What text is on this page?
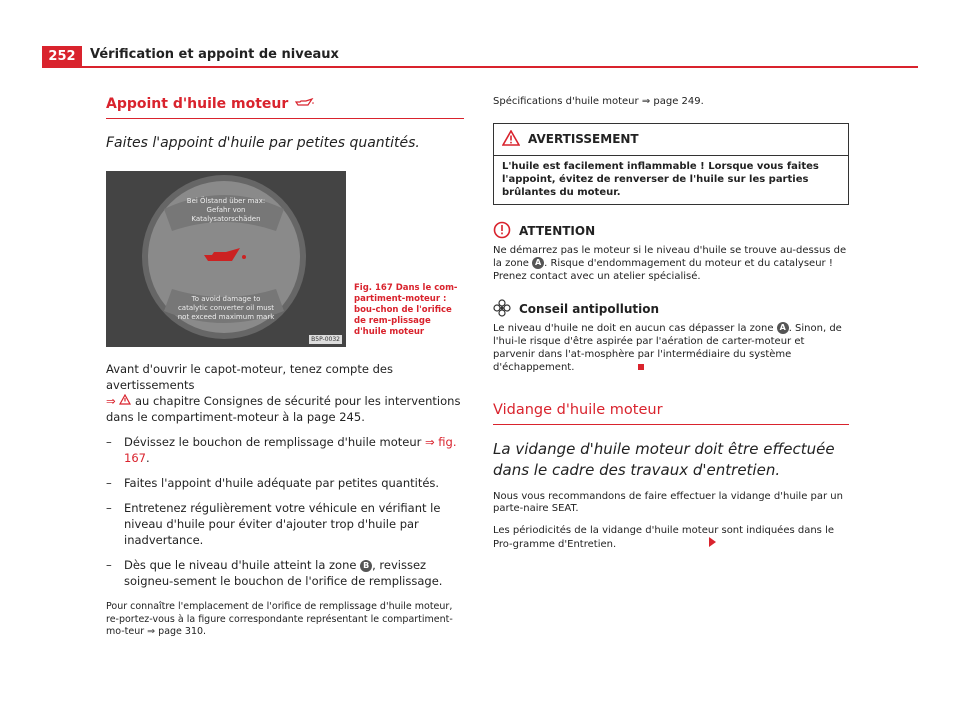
252	Vérification et appoint de niveaux
Appoint d'huile moteur

Faites l'appoint d'huile par petites quantités.

Bei Ölstand über max:
Gefahr von Katalysatorschäden
To avoid damage to
catalytic converter oil must
not exceed maximum mark
B5P-0032
Fig. 167 Dans le com-partiment-moteur : bou-chon de l'orifice de rem-plissage d'huile moteur

Avant d'ouvrir le capot-moteur, tenez compte des avertissements
⇒  au chapitre Consignes de sécurité pour les interventions dans le compartiment-moteur à la page 245.

–	Dévissez le bouchon de remplissage d'huile moteur ⇒ fig. 167.
–	Faites l'appoint d'huile adéquate par petites quantités.
–	Entretenez régulièrement votre véhicule en vérifiant le niveau d'huile pour éviter d'ajouter trop d'huile par inadvertance.
–	Dès que le niveau d'huile atteint la zone B , revissez soigneu-sement le bouchon de l'orifice de remplissage.

Pour connaître l'emplacement de l'orifice de remplissage d'huile moteur, re-portez-vous à la figure correspondante représentant le compartiment-mo-teur ⇒ page 310.

Spécifications d'huile moteur ⇒ page 249.

AVERTISSEMENT
L'huile est facilement inflammable ! Lorsque vous faites l'appoint, évitez de renverser de l'huile sur les parties brûlantes du moteur.
ATTENTION
Ne démarrez pas le moteur si le niveau d'huile se trouve au-dessus de la zone A . Risque d'endommagement du moteur et du catalyseur ! Prenez contact avec un atelier spécialisé.
Conseil antipollution
Le niveau d'huile ne doit en aucun cas dépasser la zone A . Sinon, de l'hui-le risque d'être aspirée par l'aération de carter-moteur et parvenir dans l'at-mosphère par l'intermédiaire du système d'échappement.
Vidange d'huile moteur

La vidange d'huile moteur doit être effectuée dans le cadre des travaux d'entretien.

Nous vous recommandons de faire effectuer la vidange d'huile par un parte-naire SEAT.

Les périodicités de la vidange d'huile moteur sont indiquées dans le Pro-gramme d'Entretien.
